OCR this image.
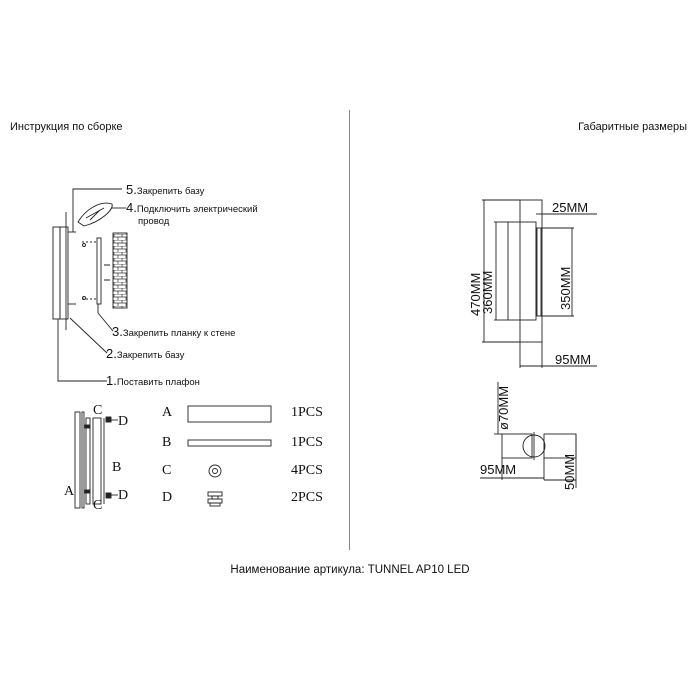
Инструкция по сборке	Габаритные размеры
5.Закрепить базу
4.Подключить электрический
провод
3.Закрепить планку к стене
2.Закрепить базу
1.Поставить плафон
A	1PCS
B	1PCS
C	4PCS
D	2PCS
C
D
B
A	D
C
Наименование артикула: TUNNEL AP10 LED
25MM
470MM
360MM	350MM
95MM
ø70MM
95MM	50MM
